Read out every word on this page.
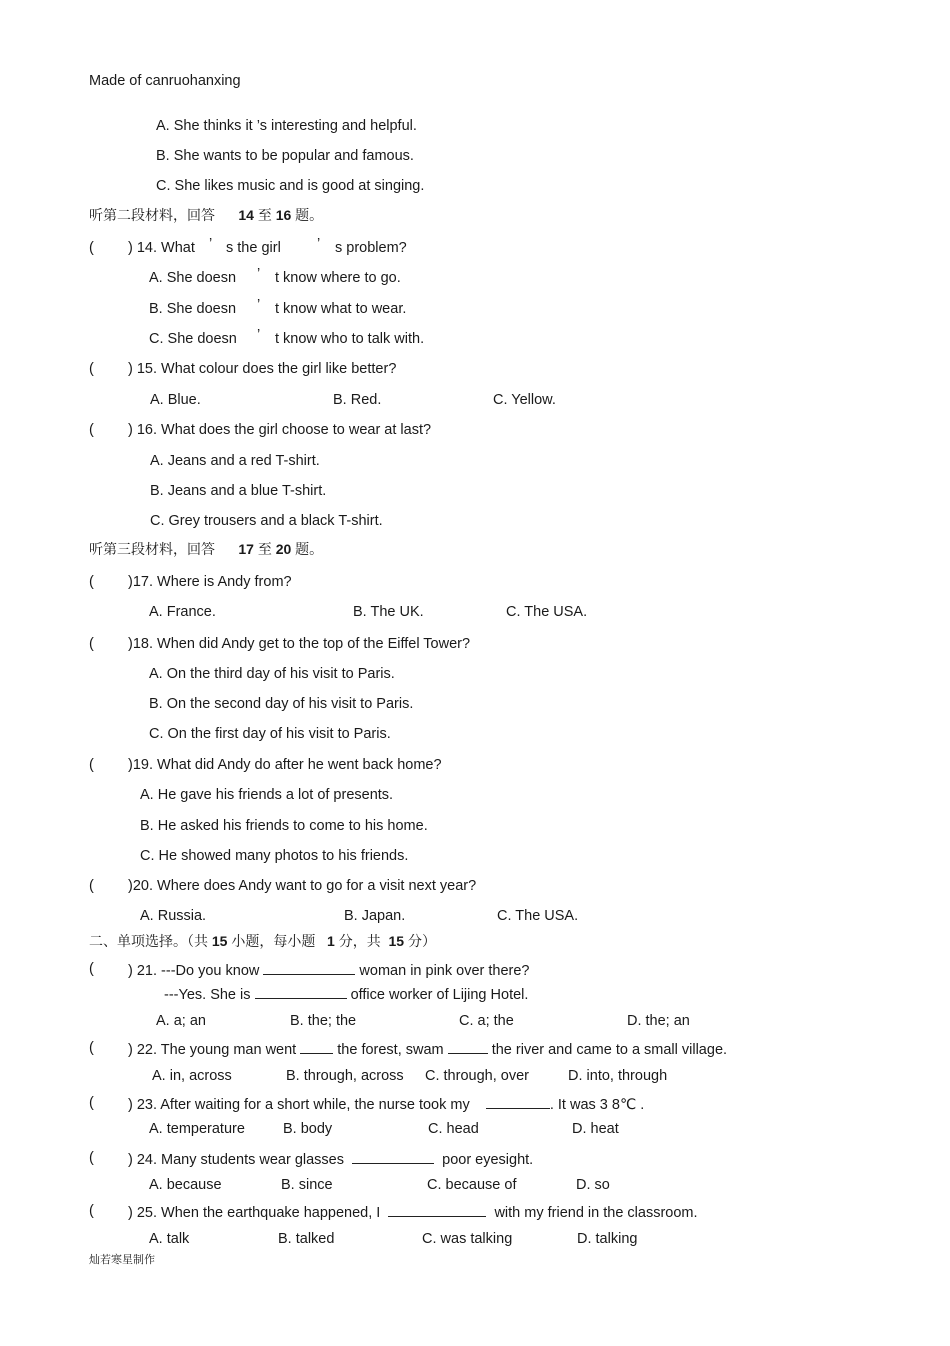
Made of canruohanxing
A. She thinks it ’s interesting and helpful.
B. She wants to be popular and famous.
C. She likes music and is good at singing.
听第二段材料，回答 14 至 16 题。
( ) 14. What ’ s the girl ’ s problem?
A. She doesn ’ t know where to go.
B. She doesn ’ t know what to wear.
C. She doesn ’ t know who to talk with.
( ) 15. What colour does the girl like better?
A. Blue.	B. Red.	C. Yellow.
( ) 16. What does the girl choose to wear at last?
A. Jeans and a red T-shirt.
B. Jeans and a blue T-shirt.
C. Grey trousers and a black T-shirt.
听第三段材料，回答 17 至 20 题。
( )17. Where is Andy from?
A. France.	B. The UK.	C. The USA.
( )18. When did Andy get to the top of the Eiffel Tower?
A. On the third day of his visit to Paris.
B. On the second day of his visit to Paris.
C. On the first day of his visit to Paris.
( )19. What did Andy do after he went back home?
A. He gave his friends a lot of presents.
B. He asked his friends to come to his home.
C. He showed many photos to his friends.
( )20. Where does Andy want to go for a visit next year?
A. Russia.	B. Japan.	C. The USA.
二、单项选择。（共 15 小题，每小题 1 分，共 15 分）
( ) 21. ---Do you know	woman in pink over there?
---Yes. She is	office worker of Lijing Hotel.
A. a; an	B. the; the	C. a; the	D. the; an
( ) 22. The young man went	the forest, swam	the river and came to a small village.
A. in, across	B. through, across C. through, over	D. into, through
( ) 23. After waiting for a short while, the nurse took my	. It was 3 8℃ .
A. temperature	B. body	C. head	D. heat
( ) 24. Many students wear glasses	poor eyesight.
A. because	B. since	C. because of	D. so
( ) 25. When the earthquake happened, I	with my friend in the classroom.
A. talk	B. talked	C. was talking	D. talking
灿若寒星制作
